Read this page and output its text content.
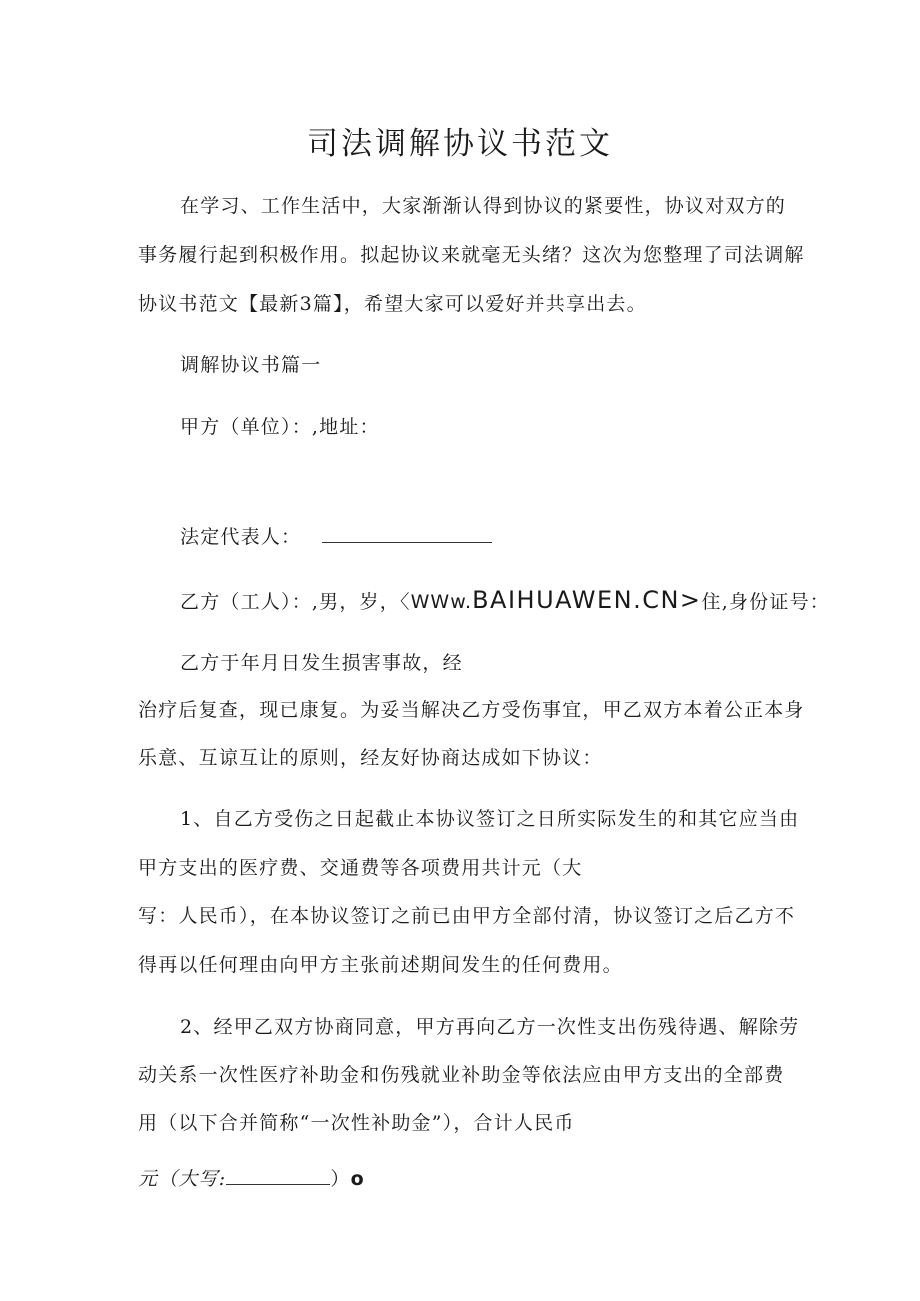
司法调解协议书范文
在学习、工作生活中，大家渐渐认得到协议的紧要性，协议对双方的
事务履行起到积极作用。拟起协议来就毫无头绪？这次为您整理了司法调解
协议书范文【最新3篇】，希望大家可以爱好并共享出去。
调解协议书篇一
甲方（单位）：,地址：
法定代表人：
乙方（工人）：,男，岁，〈WWw.BAIHUAWEN.CN>住,身份证号：
乙方于年月日发生损害事故，经
治疗后复查，现已康复。为妥当解决乙方受伤事宜，甲乙双方本着公正本身
乐意、互谅互让的原则，经友好协商达成如下协议：
1、自乙方受伤之日起截止本协议签订之日所实际发生的和其它应当由
甲方支出的医疗费、交通费等各项费用共计元（大
写：人民币），在本协议签订之前已由甲方全部付清，协议签订之后乙方不
得再以任何理由向甲方主张前述期间发生的任何费用。
2、经甲乙双方协商同意，甲方再向乙方一次性支出伤残待遇、解除劳
动关系一次性医疗补助金和伤残就业补助金等依法应由甲方支出的全部费
用（以下合并简称“一次性补助金”），合计人民币
元（大写:	）o
